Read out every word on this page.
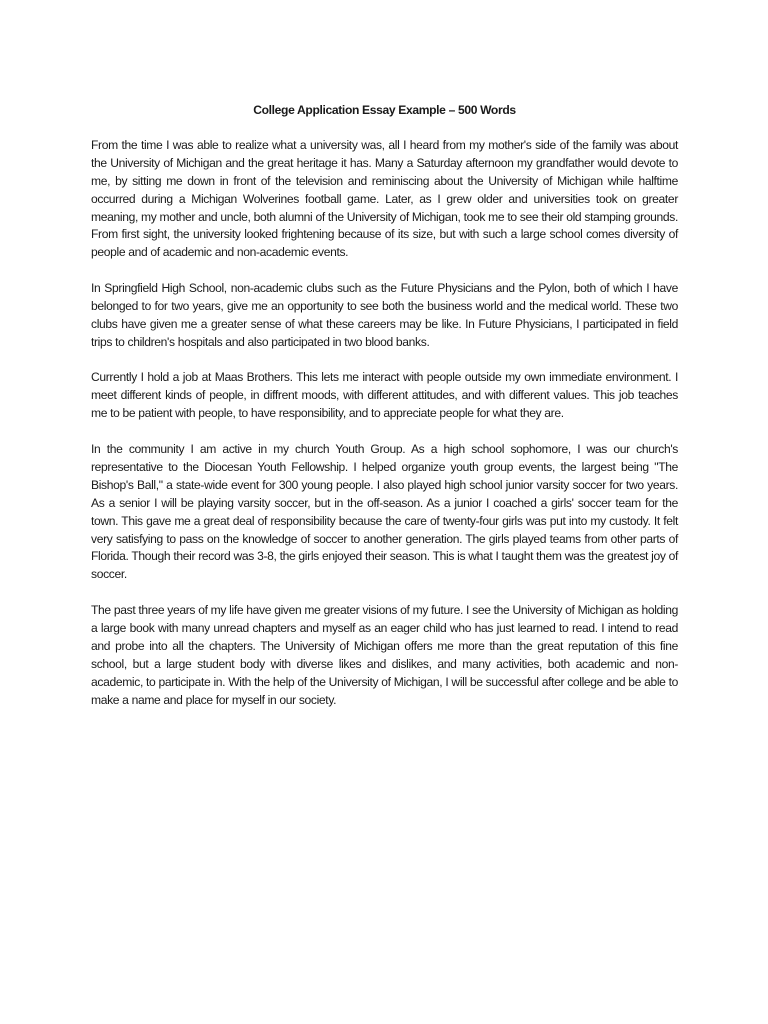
College Application Essay Example – 500 Words

From the time I was able to realize what a university was, all I heard from my mother's side of the family was about the University of Michigan and the great heritage it has. Many a Saturday afternoon my grandfather would devote to me, by sitting me down in front of the television and reminiscing about the University of Michigan while halftime occurred during a Michigan Wolverines football game. Later, as I grew older and universities took on greater meaning, my mother and uncle, both alumni of the University of Michigan, took me to see their old stamping grounds. From first sight, the university looked frightening because of its size, but with such a large school comes diversity of people and of academic and non-academic events.

In Springfield High School, non-academic clubs such as the Future Physicians and the Pylon, both of which I have belonged to for two years, give me an opportunity to see both the business world and the medical world. These two clubs have given me a greater sense of what these careers may be like. In Future Physicians, I participated in field trips to children's hospitals and also participated in two blood banks.

Currently I hold a job at Maas Brothers. This lets me interact with people outside my own immediate environment. I meet different kinds of people, in diffrent moods, with different attitudes, and with different values. This job teaches me to be patient with people, to have responsibility, and to appreciate people for what they are.

In the community I am active in my church Youth Group. As a high school sophomore, I was our church's representative to the Diocesan Youth Fellowship. I helped organize youth group events, the largest being "The Bishop's Ball," a state-wide event for 300 young people. I also played high school junior varsity soccer for two years. As a senior I will be playing varsity soccer, but in the off-season. As a junior I coached a girls' soccer team for the town. This gave me a great deal of responsibility because the care of twenty-four girls was put into my custody. It felt very satisfying to pass on the knowledge of soccer to another generation. The girls played teams from other parts of Florida. Though their record was 3-8, the girls enjoyed their season. This is what I taught them was the greatest joy of soccer.

The past three years of my life have given me greater visions of my future. I see the University of Michigan as holding a large book with many unread chapters and myself as an eager child who has just learned to read. I intend to read and probe into all the chapters. The University of Michigan offers me more than the great reputation of this fine school, but a large student body with diverse likes and dislikes, and many activities, both academic and non-academic, to participate in. With the help of the University of Michigan, I will be successful after college and be able to make a name and place for myself in our society.
